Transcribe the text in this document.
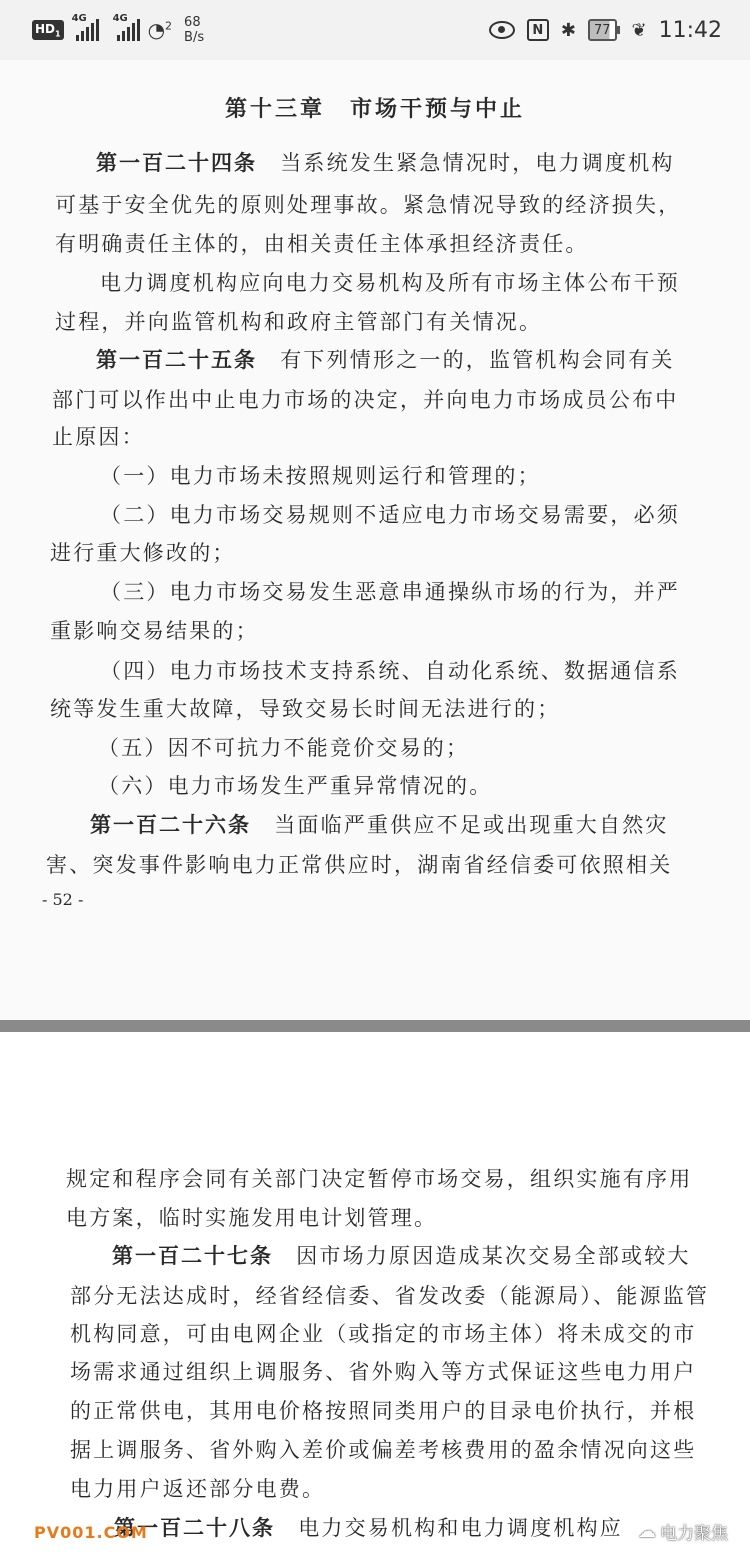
$HD_1$
4G	4G ◔$^2$ 68
B/s	N ✱	77	❦ 11:42
第十三章　市场干预与中止
第一百二十四条　当系统发生紧急情况时，电力调度机构
可基于安全优先的原则处理事故。紧急情况导致的经济损失，
有明确责任主体的，由相关责任主体承担经济责任。
电力调度机构应向电力交易机构及所有市场主体公布干预
过程，并向监管机构和政府主管部门有关情况。
第一百二十五条　有下列情形之一的，监管机构会同有关
部门可以作出中止电力市场的决定，并向电力市场成员公布中
止原因：
（一）电力市场未按照规则运行和管理的；
（二）电力市场交易规则不适应电力市场交易需要，必须
进行重大修改的；
（三）电力市场交易发生恶意串通操纵市场的行为，并严
重影响交易结果的；
（四）电力市场技术支持系统、自动化系统、数据通信系
统等发生重大故障，导致交易长时间无法进行的；
（五）因不可抗力不能竞价交易的；
（六）电力市场发生严重异常情况的。
第一百二十六条　当面临严重供应不足或出现重大自然灾
害、突发事件影响电力正常供应时，湖南省经信委可依照相关
- 52 -
规定和程序会同有关部门决定暂停市场交易，组织实施有序用
电方案，临时实施发用电计划管理。
第一百二十七条　因市场力原因造成某次交易全部或较大
部分无法达成时，经省经信委、省发改委（能源局）、能源监管
机构同意，可由电网企业（或指定的市场主体）将未成交的市
场需求通过组织上调服务、省外购入等方式保证这些电力用户
的正常供电，其用电价格按照同类用户的目录电价执行，并根
据上调服务、省外购入差价或偏差考核费用的盈余情况向这些
电力用户返还部分电费。
第一百二十八条　电力交易机构和电力调度机构应
PV001.COM	☁ 电力聚焦
